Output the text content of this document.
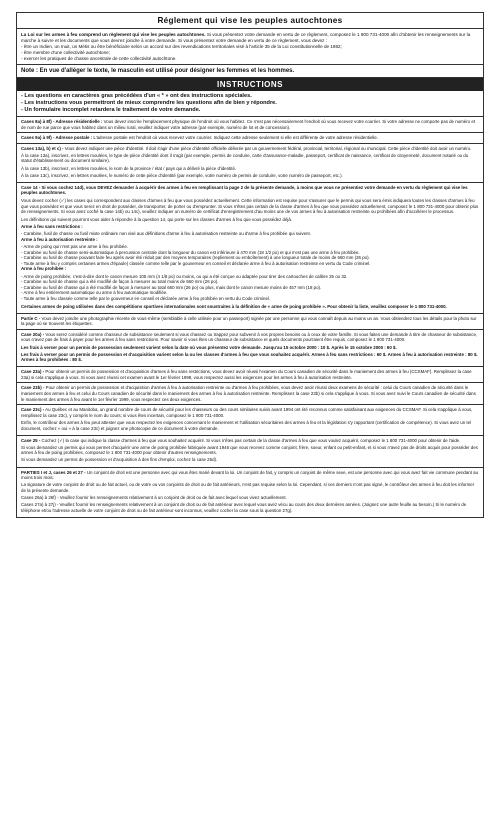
Réglement qui vise les peuples autochtones

La Loi sur les armes à feu comprend un règlement qui vise les peuples autochtones. Si vous présentez votre demande en vertu de ce règlement, composez le 1 800 731-4000 afin d'obtenir les renseignements sur la marche à suivre et les documents que vous devrez joindre à votre demande. Si vous présentez votre demande en vertu de ce règlement, vous devez :

- être un Indien, un Inuit, un Métis ou être bénéficiaire selon un accord sur des revendications territoriales visé à l'article 35 de la Loi constitutionnelle de 1982;
- être membre d'une collectivité autochtone;
- exercer les pratiques de chasse ancestrale de cette collectivité autochtone.
Note : En vue d'alléger le texte, le masculin est utilisé pour désigner les femmes et les hommes.
INSTRUCTIONS
- Les questions en caractères gras précédées d'un « * » ont des instructions spéciales.
- Les instructions vous permettront de mieux comprendre les questions afin de bien y répondre.
- Un formulaire incomplet retardera le traitement de votre demande.
Cases 8a) à 8f) - Adresse résidentielle : Vous devez inscrire l'emplacement physique de l'endroit où vous habitez. Ce n'est pas nécessairement l'endroit où vous recevez votre courrier. Si votre adresse ne comporte pas de numéro et de nom de rue parce que vous habitez dans un milieu rural, veuillez indiquer votre adresse (par exemple, numéro de lot et de concession).
Cases 9a) à 9f) - Adresse postale : L'adresse postale est l'endroit où vous recevez votre courrier. Indiquez cette adresse seulement si elle est différente de votre adresse résidentielle.

Cases 13a), b) et c) - Vous devez indiquer une pièce d'identité. Il doit s'agir d'une pièce d'identité officielle délivrée par un gouvernement fédéral, provincial, territorial, régional ou municipal. Cette pièce d'identité doit avoir un numéro.

À la case 13a), inscrivez, en lettres moulées, le type de pièce d'identité dont il s'agit (par exemple, permis de conduire, carte d'assurance-maladie, passeport, certificat de naissance, certificat de citoyenneté, document notarié ou du statut d'établissement ou document similaire).

À la case 13b), inscrivez, en lettres moulées, le nom de la province / état / pays qui a délivré la pièce d'identité.

À la case 13c), inscrivez, en lettres moulées, le numéro de cette pièce d'identité (par exemple, votre numéro de permis de conduire, votre numéro de passeport, etc.).

Case 14 - Si vous cochez 14d), vous DEVEZ demander à acquérir des armes à feu en remplissant la page 2 de la présente demande, à moins que vous ne présentiez votre demande en vertu du règlement qui vise les peuples autochtones.

Vous devez cocher (✓) les cases qui correspondent aux classes d'armes à feu que vous possédez actuellement. Cette information est requise pour s'assurer que le permis qui vous sera émis indiquera toutes les classes d'armes à feu que vous possédez et que vous serez en droit de posséder, de transporter, de porter ou d'emprunter. Si vous n'êtes pas certain de la classe d'armes à feu que vous possédez actuellement, composez le 1 800 731-4000 pour obtenir plus de renseignements. Si vous avez coché la case 14b) ou 14c), veuillez indiquer un numéro de certificat d'enregistrement d'au moins une de vos armes à feu à autorisation restreinte ou prohibées afin d'accélérer le processus.

Les définitions qui suivent pourront vous aider à répondre à la question 14, qui porte sur les classes d'armes à feu que vous possédez déjà.

Arme à feu sans restrictions :

- Carabine, fusil de chasse ou fusil mixte ordinaire non visé aux définitions d'arme à feu à autorisation restreinte ou d'arme à feu prohibée qui suivent.

Arme à feu à autorisation restreinte :

- Arme de poing qui n'est pas une arme à feu prohibée.
- Carabine ou fusil de chasse semi-automatique à percussion centrale dont la longueur du canon est inférieure à 470 mm (18 1/2 po) et qui n'est pas une arme à feu prohibée.
- Carabine ou fusil de chasse pouvant faire feu après avoir été réduit par des moyens temporaires (repliement ou emboîtement) à une longueur totale de moins de 660 mm (26 po).
- Toute arme à feu y compris certaines armes d'épaule) classée comme telle par le gouverneur en conseil et déclarée arme à feu à autorisation restreinte en vertu du Code criminel.

Arme à feu prohibée :

- Arme de poing prohibée, c'est-à-dire dont le canon mesure 105 mm (4 1/8 po) ou moins, ou qui a été conçue ou adaptée pour tirer des cartouches de calibre 25 ou 32.
- Carabine ou fusil de chasse qui a été modifié de façon à mesurer au total moins de 660 mm (26 po).
- Carabine ou fusil de chasse qui a été modifié de façon à mesurer au total 660 mm (26 po) ou plus, mais dont le canon mesure moins de 457 mm (18 po).
- Arme à feu entièrement automatique ou arme à feu automatique modifiée.
- Toute arme à feu classée comme telle par le gouverneur en conseil et déclarée arme à feu prohibée en vertu du Code criminel.

Certaines armes de poing utilisées dans des compétitions sportives internationales sont soustraites à la définition de « arme de poing prohibée ». Pour obtenir la liste, veuillez composer le 1 800 731-4000.

Partie C - Vous devez joindre une photographie récente de vous-même (semblable à celle utilisée pour un passeport) signée par une personne qui vous connaît depuis au moins un an. Vous obtiendrez tous les détails pour la photo sur la page où se trouvent les étiquettes.

Case 20a) - Vous serez considéré comme chasseur de subsistance seulement si vous chassez ou trappez pour subvenir à vos propres besoins ou à ceux de votre famille. Si vous faites une demande à titre de chasseur de subsistance, vous n'avez pas de frais à payer pour les armes à feu sans restrictions. Pour savoir si vous êtes un chasseur de subsistance et quels documents pourraient être requis, composez le 1 800 731-4000.

Les frais à verser pour un permis de possession seulement varient selon la date où vous présentez votre demande. Jusqu'au 15 octobre 2000 : 10 $. Après le 15 octobre 2000 : 60 $.

Les frais à verser pour un permis de possession et d'acquisition varient selon la ou les classes d'armes à feu que vous souhaitez acquérir. Armes à feu sans restrictions : 60 $. Armes à feu à autorisation restreinte : 80 $. Armes à feu prohibées : 80 $.

Case 23a) - Pour obtenir un permis de possession et d'acquisition d'armes à feu sans restrictions, vous devez avoir réussi l'examen du Cours canadien de sécurité dans le maniement des armes à feu (CCSMAF). Remplissez la case 23a) si cela s'applique à vous. Si vous avez réussi cet examen avant le 1er février 1999, vous respectez aussi les exigences pour les armes à feu à autorisation restreinte.
Case 23b) - Pour obtenir un permis de possession et d'acquisition d'armes à feu à autorisation restreinte ou d'armes à feu prohibées, vous devez avoir réussi deux examens de sécurité : celui du Cours canadien de sécurité dans le maniement des armes à feu et celui du Cours canadien de sécurité dans le maniement des armes à feu à autorisation restreinte. Remplissez la case 23b) si cela s'applique à vous. Si vous avez suivi le Cours canadien de sécurité dans le maniement des armes à feu avant le 1er février 1999, vous respectez ces deux exigences.

Case 23c) - Au Québec et au Manitoba, un grand nombre de cours de sécurité pour les chasseurs ou des cours similaires suivis avant 1994 ont été reconnus comme satisfaisant aux exigences du CCSMAF. Si cela s'applique à vous, remplissez la case 23c), y compris le nom du cours; si vous êtes incertain, composez le 1 800 731-4000.

Enfin, le contrôleur des armes à feu peut attester que vous respectez les exigences concernant le maniement et l'utilisation sécuritaires des armes à feu et la législation s'y rapportant (certification de compétence). Si vous avez un tel document, cochez « oui » à la case 23c) et joignez une photocopie de ce document à votre demande.

Case 25 - Cochez (✓) la case qui indique la classe d'armes à feu que vous souhaitez acquérir. Si vous n'êtes pas certain de la classe d'armes à feu que vous voulez acquérir, composez le 1 800 731-4000 pour obtenir de l'aide.

Si vous demandez un permis qui vous permet d'acquérir une arme de poing prohibée fabriquée avant 1946 que vous recevez comme conjoint, frère, soeur, enfant ou petit-enfant, et si vous n'avez pas de droits acquis pour posséder des armes à feu de poing prohibées, composez le 1 800 731-4000 pour obtenir d'autres renseignements.

Si vous demandez un permis de possession et d'acquisition à des fins d'emploi, cochez la case 25d).

PARTIES I et J, cases 26 et 27 - Un conjoint de droit est une personne avec qui vous êtes marié devant la loi. Un conjoint de fait, y compris un conjoint de même sexe, est une personne avec qui vous avez fait vie commune pendant au moins trois mois.

La signature de votre conjoint de droit ou de fait actuel, ou de votre ou vos conjoints de droit ou de fait antérieurs, n'est pas requise selon la loi. Cependant, si ces derniers n'ont pas signé, le contrôleur des armes à feu doit les informer de la présente demande.

Cases 26a) à 26f) - Veuillez fournir les renseignements relativement à un conjoint de droit ou de fait avec lequel vous vivez actuellement.

Cases 27a) à 27j) - Veuillez fournir les renseignements relativement à un conjoint de droit ou de fait antérieur avec lequel vous avez vécu au cours des deux dernières années. (Joignez une autre feuille au besoin.) Si le numéro de téléphone et/ou l'adresse actuelle de votre conjoint de droit ou de fait antérieur sont inconnus, veuillez cocher la case sous la question 27g).
